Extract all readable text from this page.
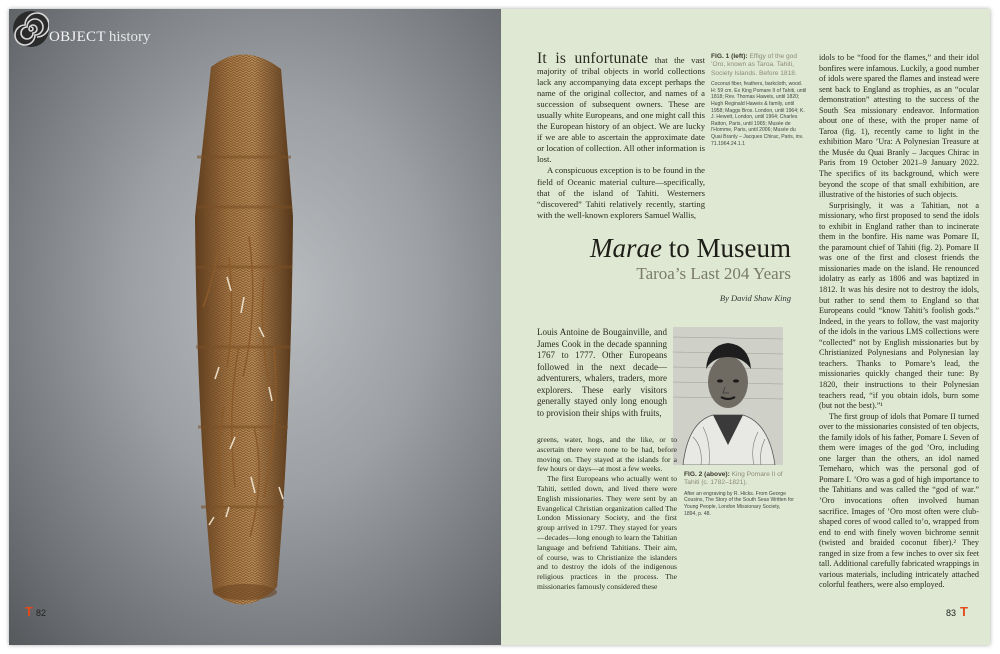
OBJECT history
T 82

It is unfortunate that the vast majority of tribal objects in world collections lack any accompanying data except perhaps the name of the original collector, and names of a succession of subsequent owners. These are usually white Europeans, and one might call this the European history of an object. We are lucky if we are able to ascertain the approximate date or location of collection. All other information is lost.

A conspicuous exception is to be found in the field of Oceanic material culture—specifically, that of the island of Tahiti. Westerners “discovered” Tahiti relatively recently, starting with the well-known explorers Samuel Wallis,

FIG. 1 (left): Effigy of the god ’Oro, known as Taroa. Tahiti, Society Islands. Before 1818.
Coconut fiber, feathers, barkcloth, wood. H: 59 cm. Ex King Pomare II of Tahiti, until 1818; Rev. Thomas Haweis, until 1820; Hugh Reginald Haweis & family, until 1958; Maggs Bros. London, until 1964; K. J. Hewett, London, until 1964; Charles Ratton, Paris, until 1965; Musée de l’Homme, Paris, until 2006; Musée du Quai Branly – Jacques Chirac, Paris, inv. 71.1964.24.1.1
Marae to Museum
Taroa’s Last 204 Years
By David Shaw King

Louis Antoine de Bougainville, and James Cook in the decade spanning 1767 to 1777. Other Europeans followed in the next decade—adventurers, whalers, traders, more explorers. These early visitors generally stayed only long enough to provision their ships with fruits,

greens, water, hogs, and the like, or to ascertain there were none to be had, before moving on. They stayed at the islands for a few hours or days—at most a few weeks.

The first Europeans who actually went to Tahiti, settled down, and lived there were English missionaries. They were sent by an Evangelical Christian organization called The London Missionary Society, and the first group arrived in 1797. They stayed for years—decades—long enough to learn the Tahitian language and befriend Tahitians. Their aim, of course, was to Christianize the islanders and to destroy the idols of the indigenous religious practices in the process. The missionaries famously considered these

FIG. 2 (above): King Pomare II of Tahiti (c. 1782–1821).
After an engraving by R. Hicks. From George Cousins, The Story of the South Seas Written for Young People, London Missionary Society, 1894, p. 48.

idols to be “food for the flames,” and their idol bonfires were infamous. Luckily, a good number of idols were spared the flames and instead were sent back to England as trophies, as an “ocular demonstration” attesting to the success of the South Sea missionary endeavor. Information about one of these, with the proper name of Taroa (fig. 1), recently came to light in the exhibition Maro ’Ura: A Polynesian Treasure at the Musée du Quai Branly – Jacques Chirac in Paris from 19 October 2021–9 January 2022. The specifics of its background, which were beyond the scope of that small exhibition, are illustrative of the histories of such objects.

Surprisingly, it was a Tahitian, not a missionary, who first proposed to send the idols to exhibit in England rather than to incinerate them in the bonfire. His name was Pomare II, the paramount chief of Tahiti (fig. 2). Pomare II was one of the first and closest friends the missionaries made on the island. He renounced idolatry as early as 1806 and was baptized in 1812. It was his desire not to destroy the idols, but rather to send them to England so that Europeans could “know Tahiti’s foolish gods.” Indeed, in the years to follow, the vast majority of the idols in the various LMS collections were “collected” not by English missionaries but by Christianized Polynesians and Polynesian lay teachers. Thanks to Pomare’s lead, the missionaries quickly changed their tune: By 1820, their instructions to their Polynesian teachers read, “if you obtain idols, burn some (but not the best).”¹

The first group of idols that Pomare II turned over to the missionaries consisted of ten objects, the family idols of his father, Pomare I. Seven of them were images of the god ’Oro, including one larger than the others, an idol named Temeharo, which was the personal god of Pomare I. ’Oro was a god of high importance to the Tahitians and was called the “god of war.” ’Oro invocations often involved human sacrifice. Images of ’Oro most often were club-shaped cores of wood called to’o, wrapped from end to end with finely woven bichrome sennit (twisted and braided coconut fiber).² They ranged in size from a few inches to over six feet tall. Additional carefully fabricated wrappings in various materials, including intricately attached colorful feathers, were also employed.

83 T
